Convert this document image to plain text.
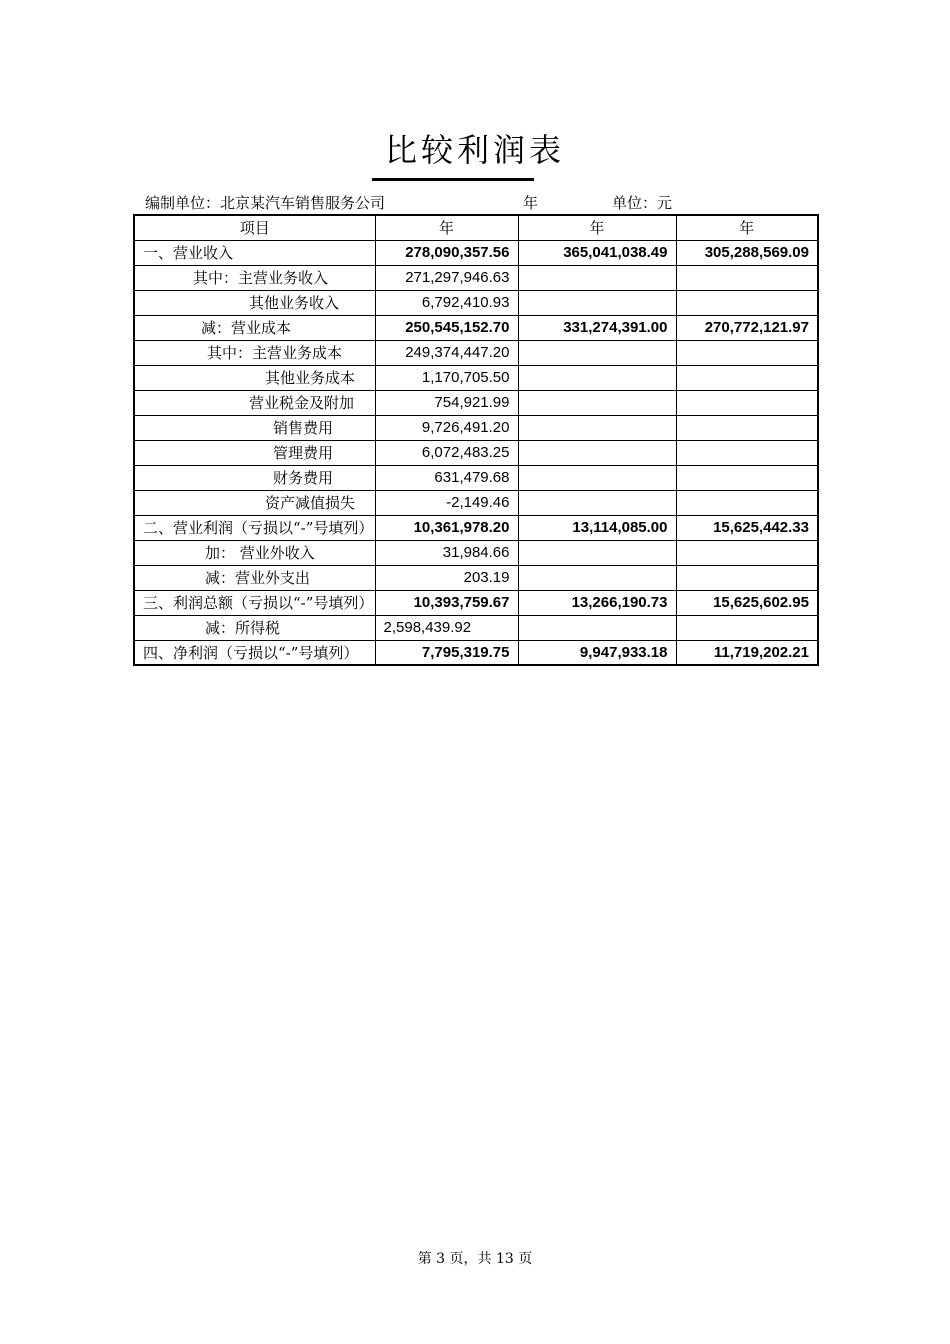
比较利润表
编制单位：北京某汽车销售服务公司	年	单位：元
项目	年	年	年
一、营业收入	278,090,357.56	365,041,038.49	305,288,569.09
其中：主营业务收入	271,297,946.63		
其他业务收入	6,792,410.93		
减：营业成本	250,545,152.70	331,274,391.00	270,772,121.97
其中：主营业务成本	249,374,447.20		
其他业务成本	1,170,705.50		
营业税金及附加	754,921.99		
销售费用	9,726,491.20		
管理费用	6,072,483.25		
财务费用	631,479.68		
资产减值损失	-2,149.46		
二、营业利润（亏损以“-”号填列）	10,361,978.20	13,114,085.00	15,625,442.33
加： 营业外收入	31,984.66		
减：营业外支出	203.19		
三、利润总额（亏损以“-”号填列）	10,393,759.67	13,266,190.73	15,625,602.95
减：所得税	2,598,439.92		
四、净利润（亏损以“-”号填列）	7,795,319.75	9,947,933.18	11,719,202.21
第 3 页，共 13 页
